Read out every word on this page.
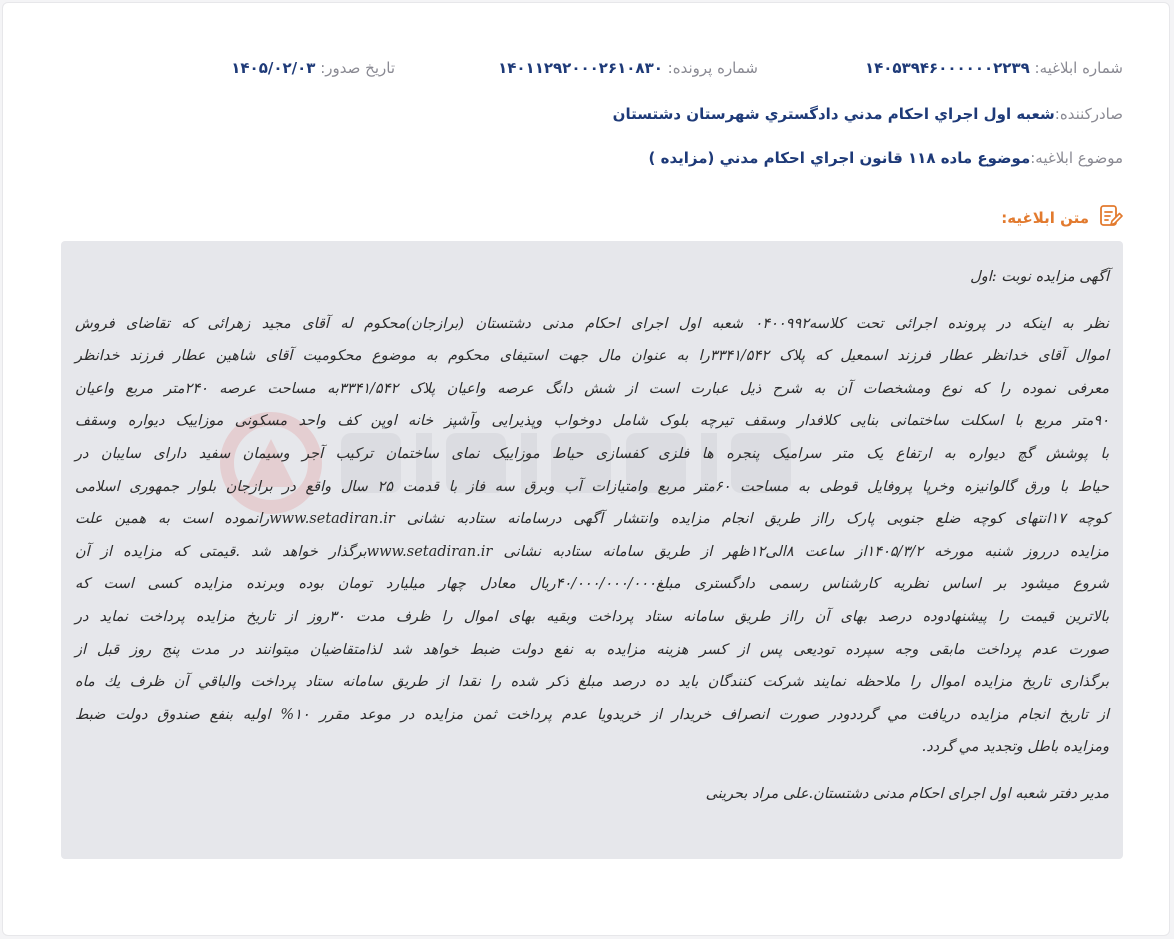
شماره ابلاغیه: ۱۴۰۵۳۹۴۶۰۰۰۰۰۰۲۲۳۹
شماره پرونده: ۱۴۰۱۱۲۹۲۰۰۰۲۶۱۰۸۳۰
تاریخ صدور: ۱۴۰۵/۰۲/۰۳
صادرکننده:
شعبه اول اجراي احكام مدني دادگستري شهرستان دشتستان
موضوع ابلاغیه:
موضوع ماده ۱۱۸ قانون اجراي احكام مدني (مزايده )
متن ابلاغیه:
آگهی مزایده نوبت :اول
نظر به اینکه در پرونده اجرائی تحت کلاسه۰۴۰۰۹۹۲ شعبه اول اجرای احکام مدنی دشتستان (برازجان)محکوم له آقای مجید زهرائی که تقاضای فروش
اموال آقای خدانظر عطار فرزند اسمعیل که پلاک ۳۳۴۱/۵۴۲را به عنوان مال جهت استیفای محکوم به موضوع محکومیت آقای شاهین عطار فرزند خدانظر
معرفی نموده را که نوع ومشخصات آن به شرح ذیل عبارت است از شش دانگ عرصه واعیان پلاک ۳۳۴۱/۵۴۲به مساحت عرصه ۲۴۰متر مربع واعیان
۹۰متر مربع با اسکلت ساختمانی بنایی کلافدار وسقف تیرچه بلوک شامل دوخواب وپذیرایی وآشپز خانه اوپن کف واحد مسکونی موزاییک دیواره وسقف
با پوشش گچ دیواره به ارتفاع یک متر سرامیک پنجره ها فلزی کفسازی حیاط موزاییک نمای ساختمان ترکیب آجر وسیمان سفید دارای سایبان در
حیاط با ورق گالوانیزه وخرپا پروفایل قوطی به مساحت ۶۰متر مربع وامتیازات آب وبرق سه فاز با قدمت ۲۵ سال واقع در برازجان بلوار جمهوری اسلامی
کوچه ۱۷انتهای کوچه ضلع جنوبی پارک رااز طریق انجام مزایده وانتشار آگهی درسامانه ستادبه نشانی www.setadiran.irرانموده است به همین علت
مزایده درروز شنبه مورخه ۱۴۰۵/۳/۲از ساعت ۸الی۱۲ظهر از طریق سامانه ستادبه نشانی www.setadiran.irبرگذار خواهد شد .قیمتی که مزایده از آن
شروع میشود بر اساس نظریه کارشناس رسمی دادگستری مبلغ۴۰/۰۰۰/۰۰۰/۰۰۰ریال معادل چهار میلیارد تومان بوده وبرنده مزایده کسی است که
بالاترین قیمت را پیشنهادوده درصد بهای آن رااز طریق سامانه ستاد پرداخت وبقیه بهای اموال را ظرف مدت ۳۰روز از تاریخ مزایده پرداخت نماید در
صورت عدم پرداخت مابقی وجه سپرده تودیعی پس از کسر هزینه مزایده به نفع دولت ضبط خواهد شد لذامتقاضیان میتوانند در مدت پنج روز قبل از
برگذاری تاریخ مزایده اموال را ملاحظه نمایند شرکت کنندگان باید ده درصد مبلغ ذکر شده را نقدا از طریق سامانه ستاد پرداخت والباقي آن ظرف يك ماه
از تاريخ انجام مزايده دريافت مي گرددودر صورت انصراف خريدار از خريدويا عدم پرداخت ثمن مزايده در موعد مقرر ۱۰% اوليه بنفع صندوق دولت ضبط
ومزايده باطل وتجديد مي گردد.
مدیر دفتر شعبه اول اجرای احکام مدنی دشتستان.علی مراد بحرینی
